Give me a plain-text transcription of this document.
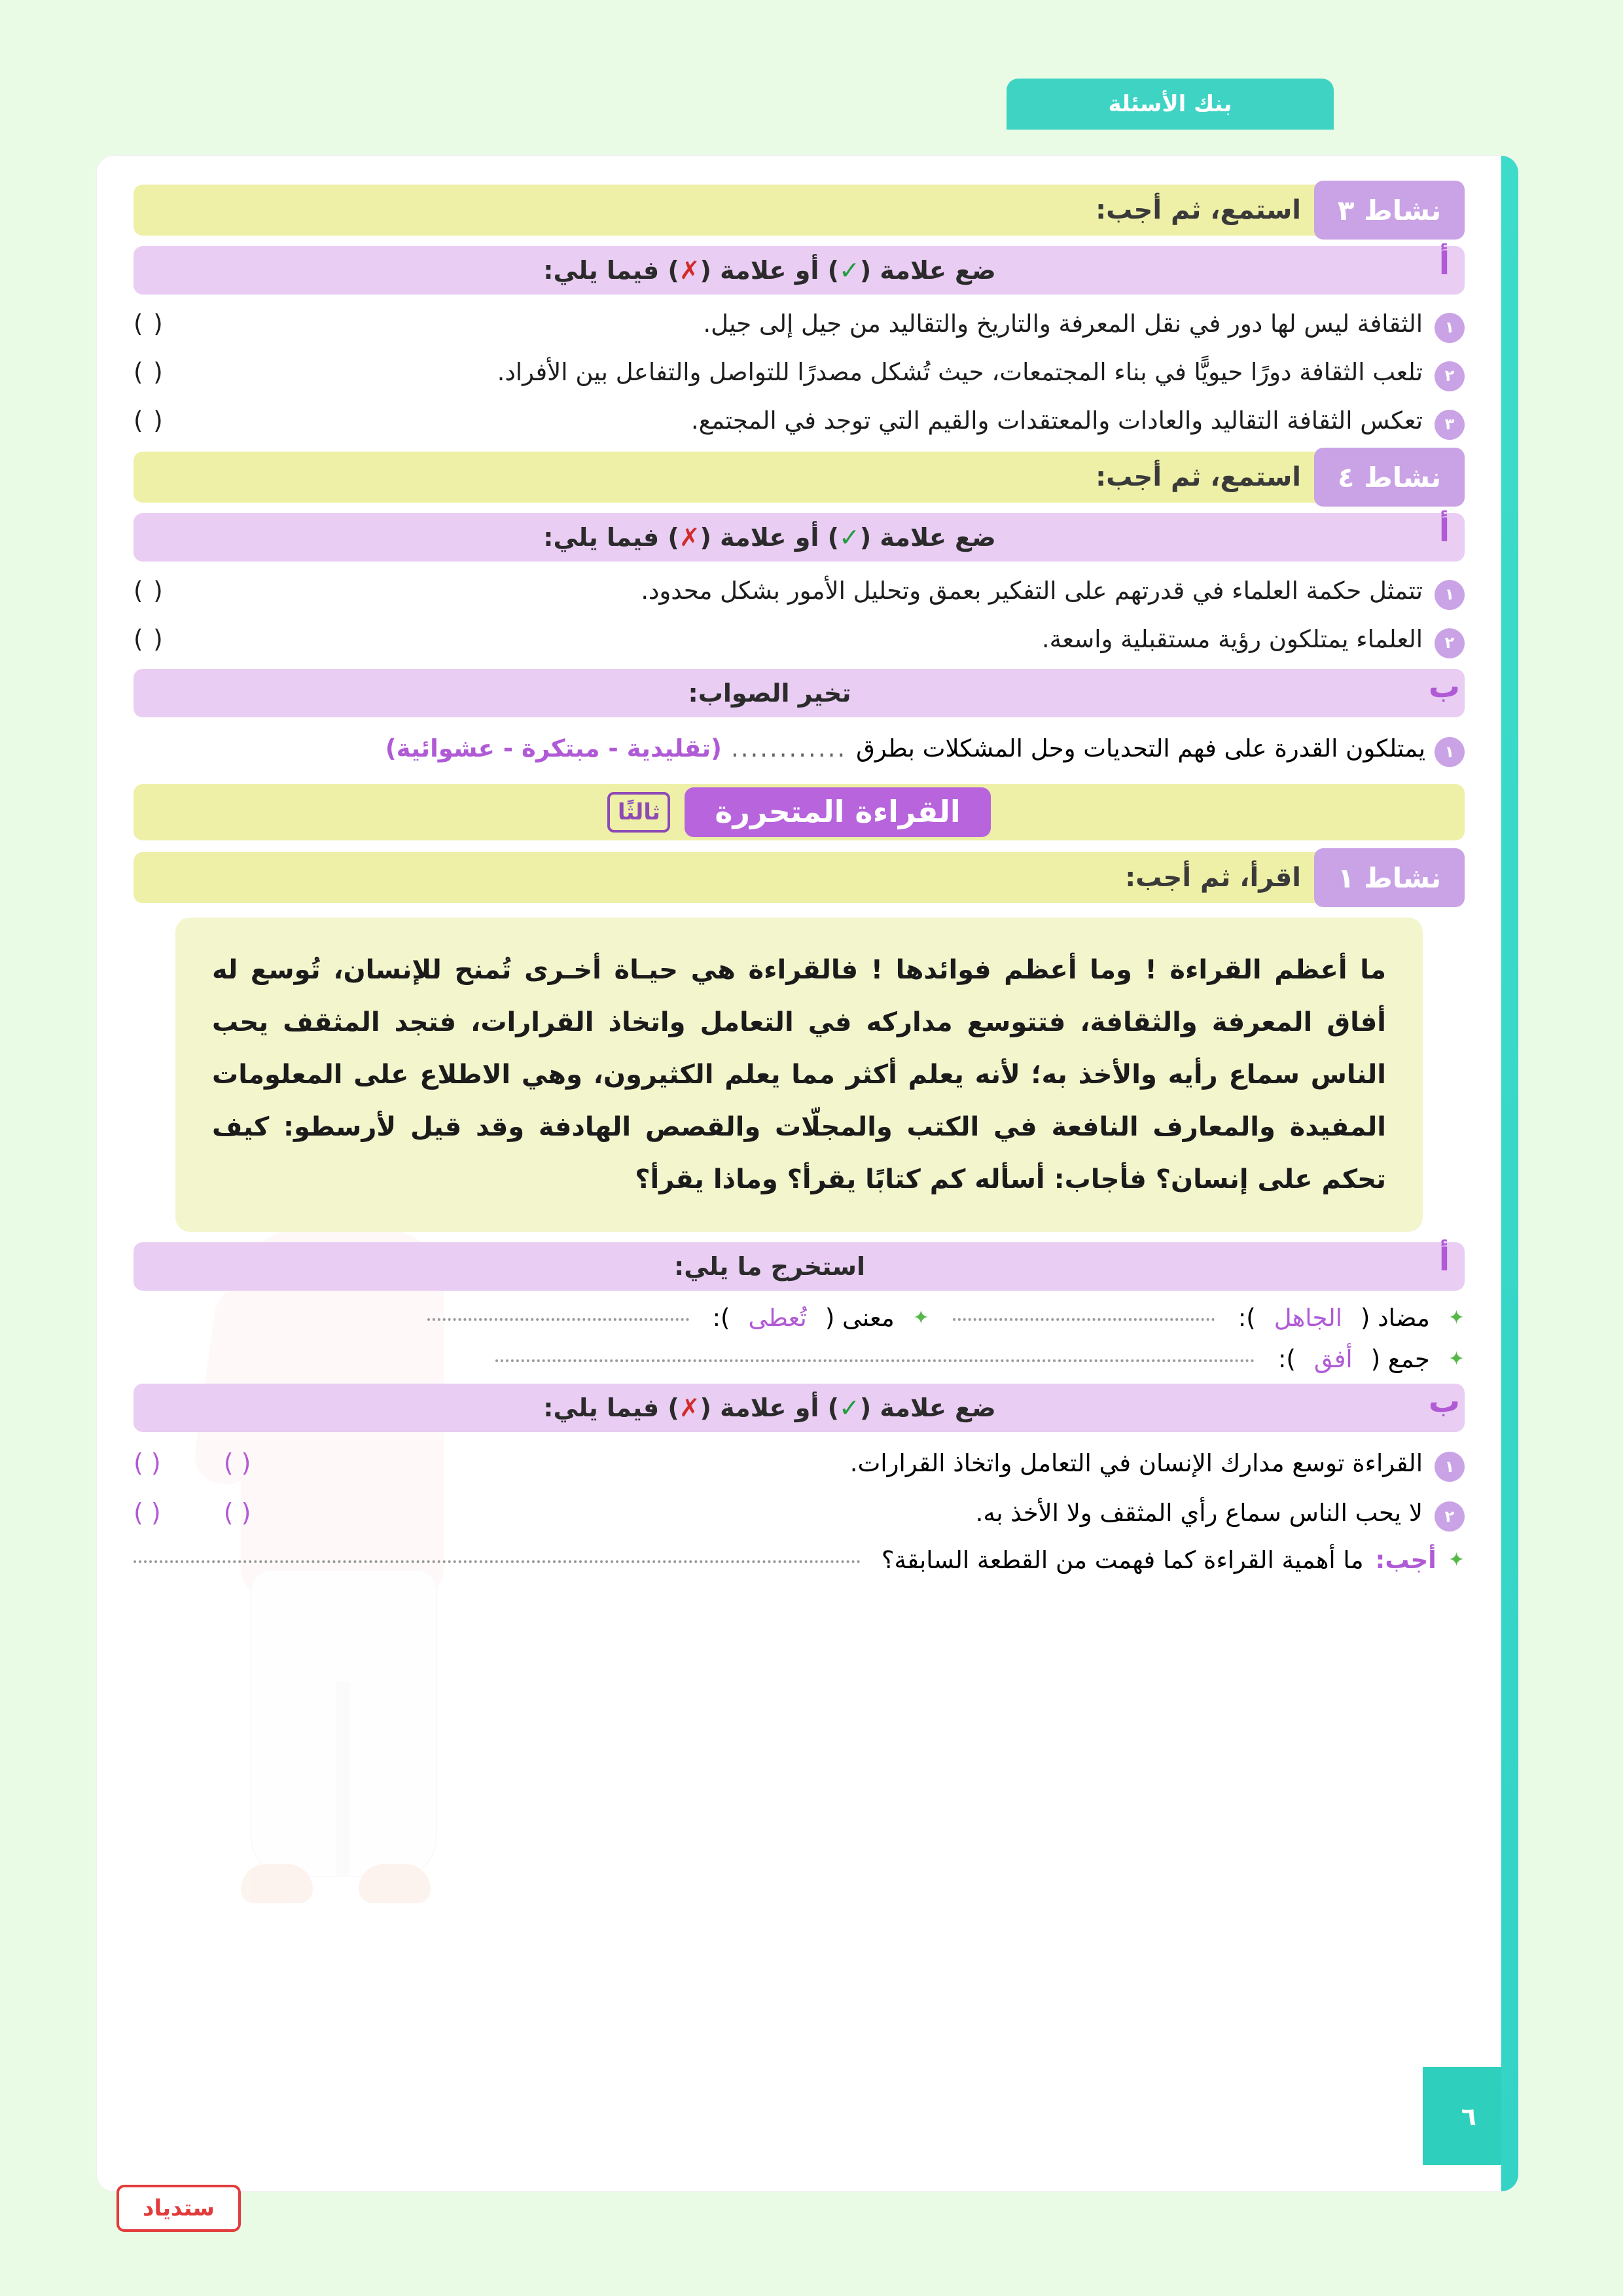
بنك الأسئلة
٦
نشاط ٣
استمع، ثم أجب:
أ
ضع علامة (
✓
) أو علامة (
✗
) فيما يلي:
١
الثقافة ليس لها دور في نقل المعرفة والتاريخ والتقاليد من جيل إلى جيل.
( )
٢
تلعب الثقافة دورًا حيويًّا في بناء المجتمعات، حيث تُشكل مصدرًا للتواصل والتفاعل بين الأفراد.
( )
٣
تعكس الثقافة التقاليد والعادات والمعتقدات والقيم التي توجد في المجتمع.
( )
نشاط ٤
استمع، ثم أجب:
أ
ضع علامة (
✓
) أو علامة (
✗
) فيما يلي:
١
تتمثل حكمة العلماء في قدرتهم على التفكير بعمق وتحليل الأمور بشكل محدود.
( )
٢
العلماء يمتلكون رؤية مستقبلية واسعة.
( )
ب
تخير الصواب:
١
يمتلكون القدرة على فهم التحديات وحل المشكلات بطرق
............
(تقليدية - مبتكرة - عشوائية)
القراءة المتحررة
ثالثًا
نشاط ١
اقرأ، ثم أجب:
ما أعظم القراءة ! وما أعظم فوائدها ! فالقراءة هي حيـاة أخـرى تُمنح للإنسان، تُوسع له أفاق المعرفة والثقافة، فتتوسع مداركه في التعامل واتخاذ القرارات، فتجد المثقف يحب الناس سماع رأيه والأخذ به؛ لأنه يعلم أكثر مما يعلم الكثيرون، وهي الاطلاع على المعلومات المفيدة والمعارف النافعة في الكتب والمجلّات والقصص الهادفة وقد قيل لأرسطو: كيف تحكم على إنسان؟ فأجاب: أسأله كم كتابًا يقرأ؟ وماذا يقرأ؟
أ
استخرج ما يلي:
✦
مضاد (
الجاهل
):
✦
معنى (
تُعطى
):
✦
جمع (
أفق
):
ب
ضع علامة (
✓
) أو علامة (
✗
) فيما يلي:
١
القراءة توسع مدارك الإنسان في التعامل واتخاذ القرارات.
( )
( )
٢
لا يحب الناس سماع رأي المثقف ولا الأخذ به.
( )
( )
✦
أجب:
ما أهمية القراءة كما فهمت من القطعة السابقة؟
ستدياد
